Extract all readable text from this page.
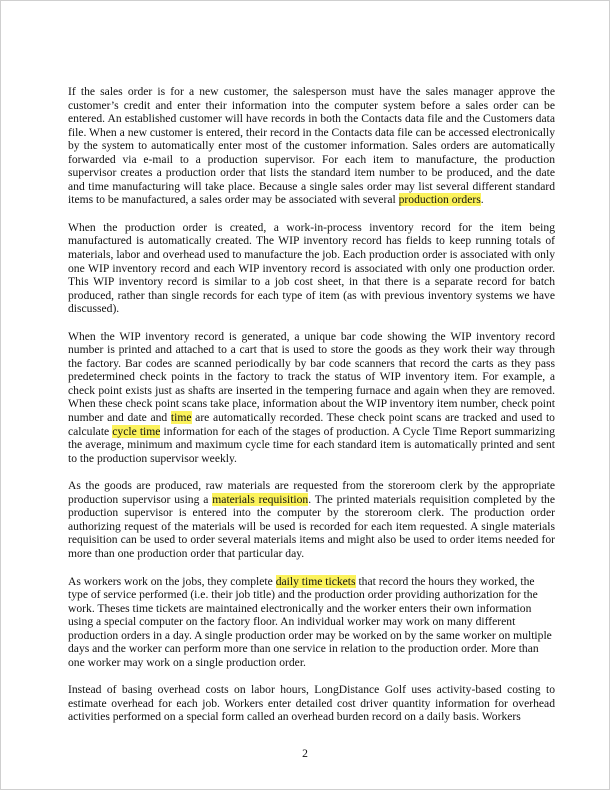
If the sales order is for a new customer, the salesperson must have the sales manager approve the customer’s credit and enter their information into the computer system before a sales order can be entered. An established customer will have records in both the Contacts data file and the Customers data file. When a new customer is entered, their record in the Contacts data file can be accessed electronically by the system to automatically enter most of the customer information. Sales orders are automatically forwarded via e-mail to a production supervisor. For each item to manufacture, the production supervisor creates a production order that lists the standard item number to be produced, and the date and time manufacturing will take place. Because a single sales order may list several different standard items to be manufactured, a sales order may be associated with several production orders.

When the production order is created, a work-in-process inventory record for the item being manufactured is automatically created. The WIP inventory record has fields to keep running totals of materials, labor and overhead used to manufacture the job. Each production order is associated with only one WIP inventory record and each WIP inventory record is associated with only one production order. This WIP inventory record is similar to a job cost sheet, in that there is a separate record for batch produced, rather than single records for each type of item (as with previous inventory systems we have discussed).

When the WIP inventory record is generated, a unique bar code showing the WIP inventory record number is printed and attached to a cart that is used to store the goods as they work their way through the factory. Bar codes are scanned periodically by bar code scanners that record the carts as they pass predetermined check points in the factory to track the status of WIP inventory item. For example, a check point exists just as shafts are inserted in the tempering furnace and again when they are removed. When these check point scans take place, information about the WIP inventory item number, check point number and date and time are automatically recorded. These check point scans are tracked and used to calculate cycle time information for each of the stages of production. A Cycle Time Report summarizing the average, minimum and maximum cycle time for each standard item is automatically printed and sent to the production supervisor weekly.

As the goods are produced, raw materials are requested from the storeroom clerk by the appropriate production supervisor using a materials requisition. The printed materials requisition completed by the production supervisor is entered into the computer by the storeroom clerk. The production order authorizing request of the materials will be used is recorded for each item requested. A single materials requisition can be used to order several materials items and might also be used to order items needed for more than one production order that particular day.

As workers work on the jobs, they complete daily time tickets that record the hours they worked, the type of service performed (i.e. their job title) and the production order providing authorization for the work. Theses time tickets are maintained electronically and the worker enters their own information using a special computer on the factory floor. An individual worker may work on many different production orders in a day. A single production order may be worked on by the same worker on multiple days and the worker can perform more than one service in relation to the production order. More than one worker may work on a single production order.

Instead of basing overhead costs on labor hours, LongDistance Golf uses activity-based costing to estimate overhead for each job. Workers enter detailed cost driver quantity information for overhead activities performed on a special form called an overhead burden record on a daily basis. Workers

2
